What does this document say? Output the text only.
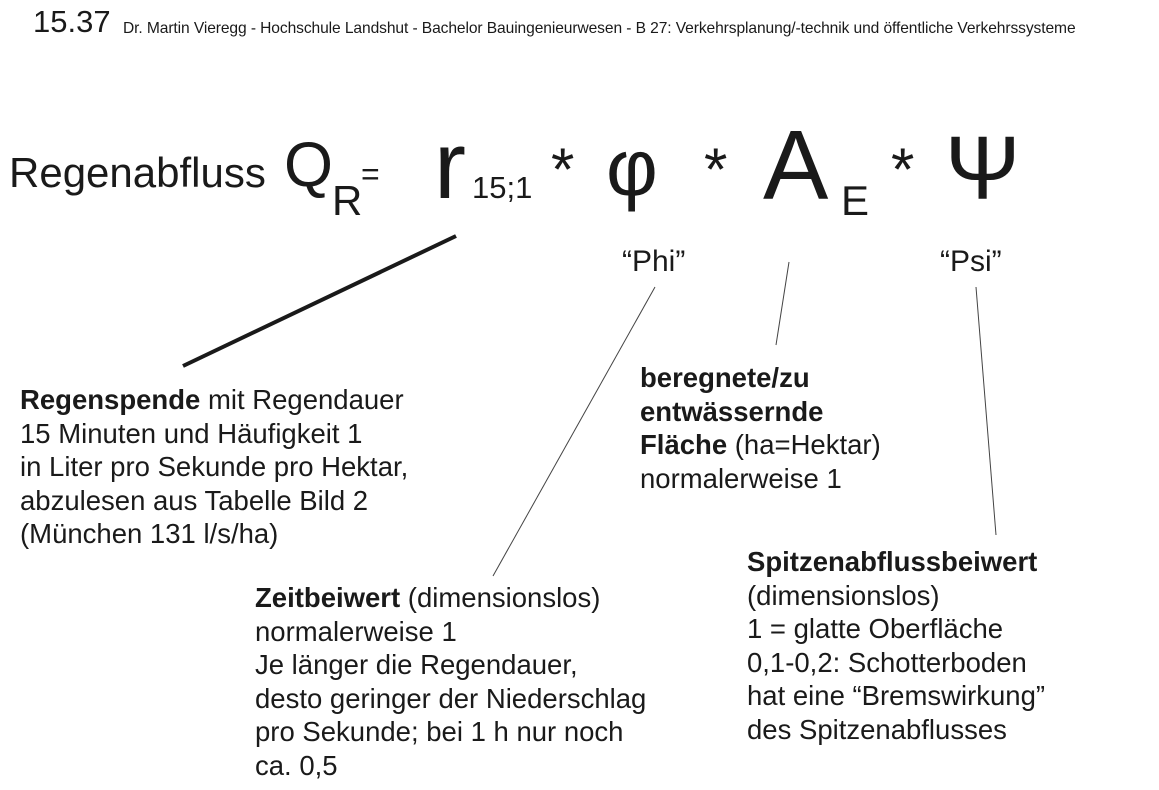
15.37 Dr. Martin Vieregg - Hochschule Landshut - Bachelor Bauingenieurwesen - B 27: Verkehrsplanung/-technik und öffentliche Verkehrssysteme
Regenabfluss Q
R
= r 15;1 * φ * A E * Ψ
“Phi”	“Psi”
Regenspende mit Regendauer
15 Minuten und Häufigkeit 1
in Liter pro Sekunde pro Hektar,
abzulesen aus Tabelle Bild 2
(München 131 l/s/ha)
beregnete/zu
entwässernde
Fläche (ha=Hektar)
normalerweise 1
Zeitbeiwert (dimensionslos)
normalerweise 1
Je länger die Regendauer,
desto geringer der Niederschlag
pro Sekunde; bei 1 h nur noch
ca. 0,5
Spitzenabflussbeiwert
(dimensionslos)
1 = glatte Oberfläche
0,1-0,2: Schotterboden
hat eine “Bremswirkung”
des Spitzenabflusses
